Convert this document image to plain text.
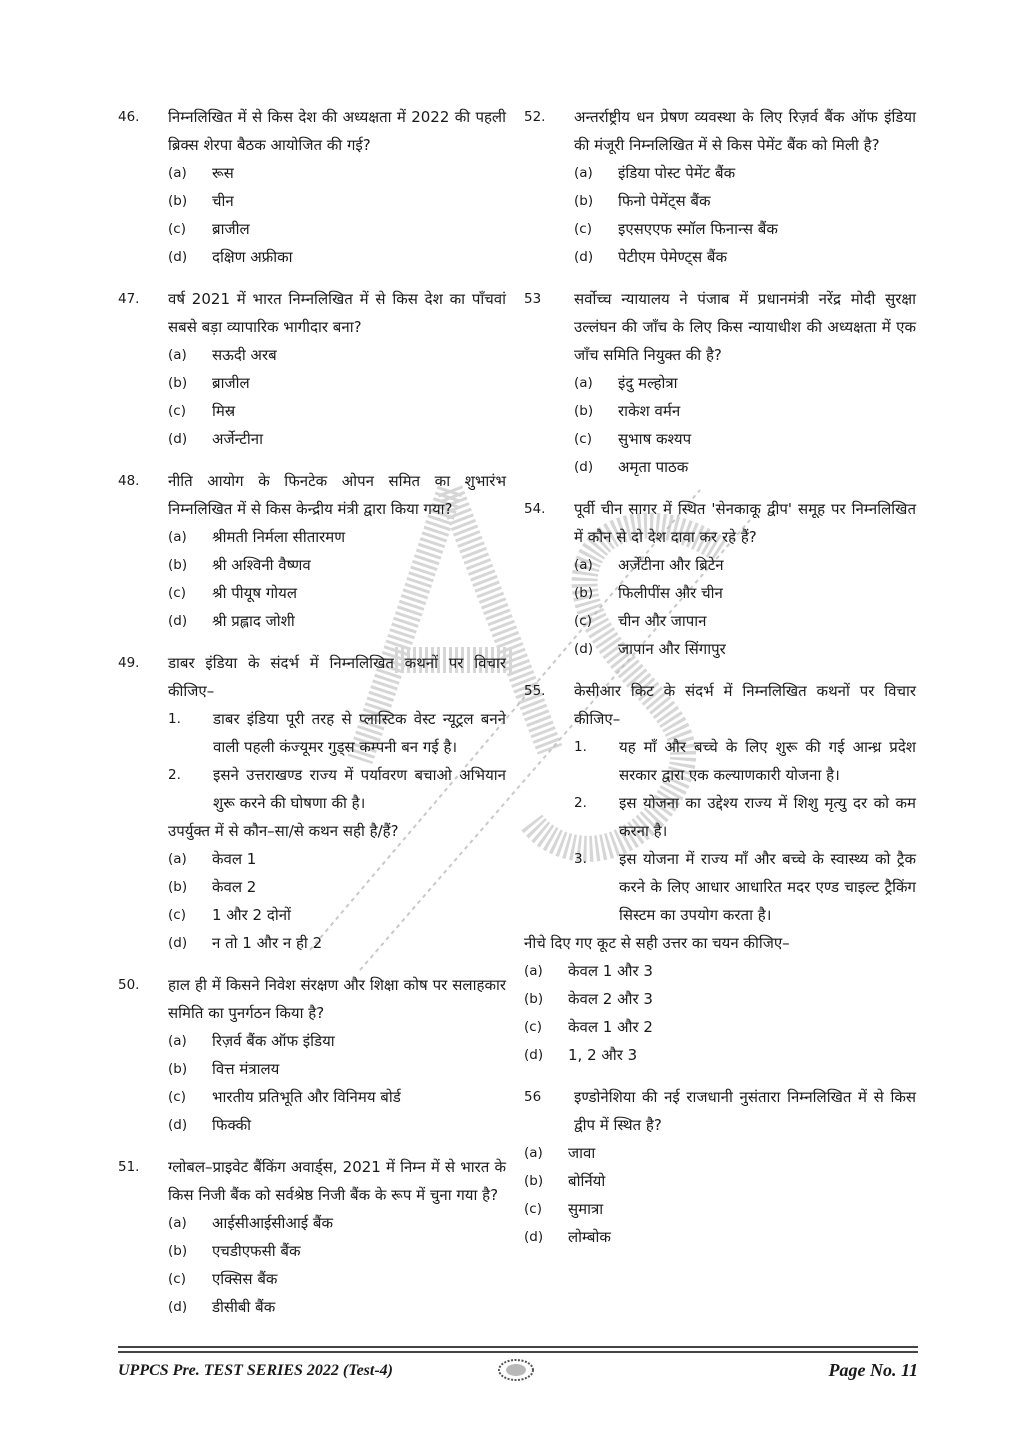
46. निम्नलिखित में से किस देश की अध्यक्षता में 2022 की पहली ब्रिक्स शेरपा बैठक आयोजित की गई?
(a)	रूस
(b)	चीन
(c)	ब्राजील
(d)	दक्षिण अफ्रीका
47. वर्ष 2021 में भारत निम्नलिखित में से किस देश का पाँचवां सबसे बड़ा व्यापारिक भागीदार बना?
(a)	सऊदी अरब
(b)	ब्राजील
(c)	मिस्र
(d)	अर्जेन्टीना
48. नीति आयोग के फिनटेक ओपन समित का शुभारंभ निम्नलिखित में से किस केन्द्रीय मंत्री द्वारा किया गया?
(a)	श्रीमती निर्मला सीतारमण
(b)	श्री अश्विनी वैष्णव
(c)	श्री पीयूष गोयल
(d)	श्री प्रह्लाद जोशी
49. डाबर इंडिया के संदर्भ में निम्नलिखित कथनों पर विचार कीजिए–
1.	डाबर इंडिया पूरी तरह से प्लास्टिक वेस्ट न्यूट्रल बनने वाली पहली कंज्यूमर गुड्स कम्पनी बन गई है।
2.	इसने उत्तराखण्ड राज्य में पर्यावरण बचाओ अभियान शुरू करने की घोषणा की है।
उपर्युक्त में से कौन–सा/से कथन सही है/हैं?
(a)	केवल 1
(b)	केवल 2
(c)	1 और 2 दोनों
(d)	न तो 1 और न ही 2
50. हाल ही में किसने निवेश संरक्षण और शिक्षा कोष पर सलाहकार समिति का पुनर्गठन किया है?
(a)	रिज़र्व बैंक ऑफ इंडिया
(b)	वित्त मंत्रालय
(c)	भारतीय प्रतिभूति और विनिमय बोर्ड
(d)	फिक्की
51. ग्लोबल–प्राइवेट बैंकिंग अवार्ड्स, 2021 में निम्न में से भारत के किस निजी बैंक को सर्वश्रेष्ठ निजी बैंक के रूप में चुना गया है?
(a)	आईसीआईसीआई बैंक
(b)	एचडीएफसी बैंक
(c)	एक्सिस बैंक
(d)	डीसीबी बैंक
52. अन्तर्राष्ट्रीय धन प्रेषण व्यवस्था के लिए रिज़र्व बैंक ऑफ इंडिया की मंजूरी निम्नलिखित में से किस पेमेंट बैंक को मिली है?
(a)	इंडिया पोस्ट पेमेंट बैंक
(b)	फिनो पेमेंट्स बैंक
(c)	इएसएएफ स्मॉल फिनान्स बैंक
(d)	पेटीएम पेमेण्ट्स बैंक
53 सर्वोच्च न्यायालय ने पंजाब में प्रधानमंत्री नरेंद्र मोदी सुरक्षा उल्लंघन की जाँच के लिए किस न्यायाधीश की अध्यक्षता में एक जाँच समिति नियुक्त की है?
(a)	इंदु मल्होत्रा
(b)	राकेश वर्मन
(c)	सुभाष कश्यप
(d)	अमृता पाठक
54. पूर्वी चीन सागर में स्थित 'सेनकाकू द्वीप' समूह पर निम्नलिखित में कौन से दो देश दावा कर रहे हैं?
(a)	अर्जेंटीना और ब्रिटेन
(b)	फिलीपींस और चीन
(c)	चीन और जापान
(d)	जापान और सिंगापुर
55. केसीआर किट के संदर्भ में निम्नलिखित कथनों पर विचार कीजिए–
1.	यह माँ और बच्चे के लिए शुरू की गई आन्ध्र प्रदेश सरकार द्वारा एक कल्याणकारी योजना है।
2.	इस योजना का उद्देश्य राज्य में शिशु मृत्यु दर को कम करना है।
3.	इस योजना में राज्य माँ और बच्चे के स्वास्थ्य को ट्रैक करने के लिए आधार आधारित मदर एण्ड चाइल्ट ट्रैकिंग सिस्टम का उपयोग करता है।
नीचे दिए गए कूट से सही उत्तर का चयन कीजिए–
(a)	केवल 1 और 3
(b)	केवल 2 और 3
(c)	केवल 1 और 2
(d)	1, 2 और 3
56 इण्डोनेशिया की नई राजधानी नुसंतारा निम्नलिखित में से किस द्वीप में स्थित है?
(a)	जावा
(b)	बोर्नियो
(c)	सुमात्रा
(d)	लोम्बोक
UPPCS Pre. TEST SERIES 2022 (Test-4)	Page No. 11
